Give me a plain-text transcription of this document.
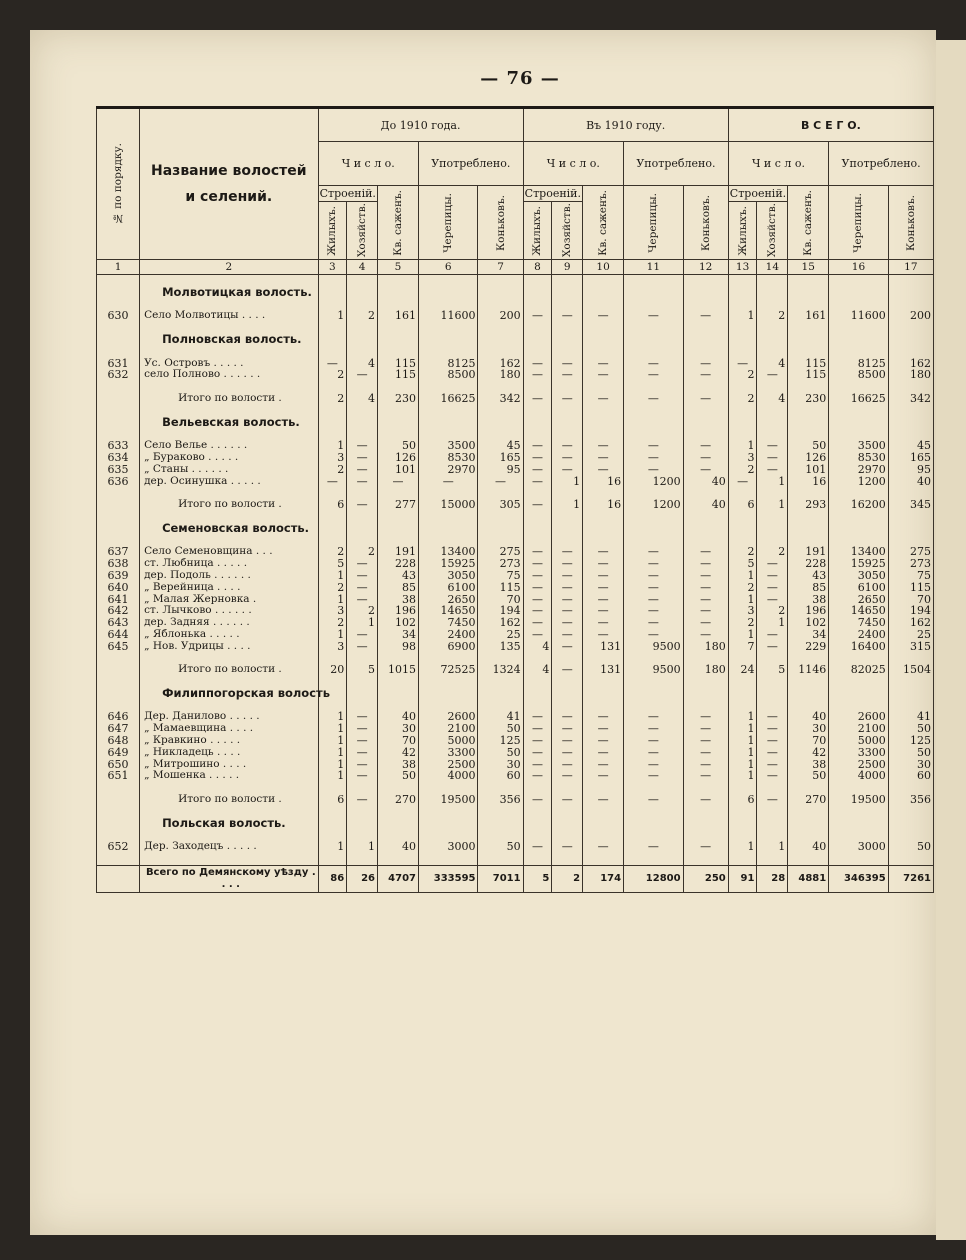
— 76 —
№ по порядку.	Название волостей
и селений.	До 1910 года.					Въ 1910 году.					В С Е Г О.				
		Ч и с л о.			Употреблено.		Ч и с л о.			Употреблено.		Ч и с л о.			Употреблено.	
		Строеній.		Кв. саженъ.	Черепицы.	Коньковъ.	Строеній.		Кв. саженъ.	Черепицы.	Коньковъ.	Строеній.		Кв. саженъ.	Черепицы.	Коньковъ.

		Жилыхъ.	Хозяйств.				Жилыхъ.	Хозяйств.				Жилыхъ.	Хозяйств.			

1	2	3	4	5	6	7	8	9	10	11	12	13	14	15	16	17

	Молвотицкая волость.															

630	Село Молвотицы . . . .	1	2	161	11600	200	—	—	—	—	—	1	2	161	11600	200

	Полновская волость.															

631	Ус. Островъ . . . . .	—	4	115	8125	162	—	—	—	—	—	—	4	115	8125	162
632	село Полново . . . . . .	2	—	115	8500	180	—	—	—	—	—	2	—	115	8500	180

	Итого по волости .	2	4	230	16625	342	—	—	—	—	—	2	4	230	16625	342

	Вельевская волость.															

633	Село Велье . . . . . .	1	—	50	3500	45	—	—	—	—	—	1	—	50	3500	45
634	„ Бураково . . . . .	3	—	126	8530	165	—	—	—	—	—	3	—	126	8530	165
635	„ Станы . . . . . .	2	—	101	2970	95	—	—	—	—	—	2	—	101	2970	95
636	дер. Осинушка . . . . .	—	—	—	—	—	—	1	16	1200	40	—	1	16	1200	40

	Итого по волости .	6	—	277	15000	305	—	1	16	1200	40	6	1	293	16200	345

	Семеновская волость.															

637	Село Семеновщина . . .	2	2	191	13400	275	—	—	—	—	—	2	2	191	13400	275
638	ст. Любница . . . . .	5	—	228	15925	273	—	—	—	—	—	5	—	228	15925	273
639	дер. Подоль . . . . . .	1	—	43	3050	75	—	—	—	—	—	1	—	43	3050	75
640	„ Верейница . . . .	2	—	85	6100	115	—	—	—	—	—	2	—	85	6100	115
641	„ Малая Жерновка .	1	—	38	2650	70	—	—	—	—	—	1	—	38	2650	70
642	ст. Лычково . . . . . .	3	2	196	14650	194	—	—	—	—	—	3	2	196	14650	194
643	дер. Задняя . . . . . .	2	1	102	7450	162	—	—	—	—	—	2	1	102	7450	162
644	„ Яблонька . . . . .	1	—	34	2400	25	—	—	—	—	—	1	—	34	2400	25
645	„ Нов. Удрицы . . . .	3	—	98	6900	135	4	—	131	9500	180	7	—	229	16400	315

	Итого по волости .	20	5	1015	72525	1324	4	—	131	9500	180	24	5	1146	82025	1504

	Филиппогорская волость															

646	Дер. Данилово . . . . .	1	—	40	2600	41	—	—	—	—	—	1	—	40	2600	41
647	„ Мамаевщина . . . .	1	—	30	2100	50	—	—	—	—	—	1	—	30	2100	50
648	„ Кравкино . . . . .	1	—	70	5000	125	—	—	—	—	—	1	—	70	5000	125
649	„ Никладець . . . .	1	—	42	3300	50	—	—	—	—	—	1	—	42	3300	50
650	„ Митрошино . . . .	1	—	38	2500	30	—	—	—	—	—	1	—	38	2500	30
651	„ Мошенка . . . . .	1	—	50	4000	60	—	—	—	—	—	1	—	50	4000	60

	Итого по волости .	6	—	270	19500	356	—	—	—	—	—	6	—	270	19500	356

	Польская волость.															

652	Дер. Заходецъ . . . . .	1	1	40	3000	50	—	—	—	—	—	1	1	40	3000	50

	Всего по Демянскому уѣзду . . . .	86	26	4707	333595	7011	5	2	174	12800	250	91	28	4881	346395	7261
